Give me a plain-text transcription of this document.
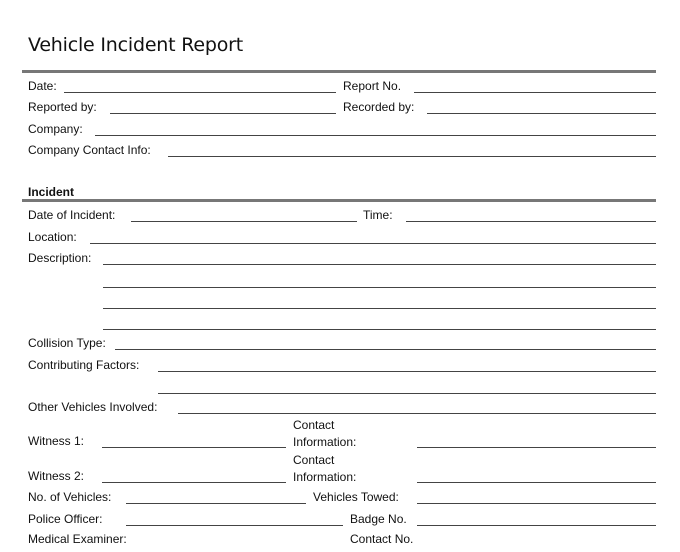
Vehicle Incident Report
Date:	Report No.
Reported by:	Recorded by:
Company:
Company Contact Info:
Incident
Date of Incident:	Time:
Location:
Description:
Collision Type:
Contributing Factors:
Other Vehicles Involved:
Witness 1:
Contact
Information:
Witness 2:
Contact
Information:
No. of Vehicles:	Vehicles Towed:
Police Officer:	Badge No.
Medical Examiner:	Contact No.
